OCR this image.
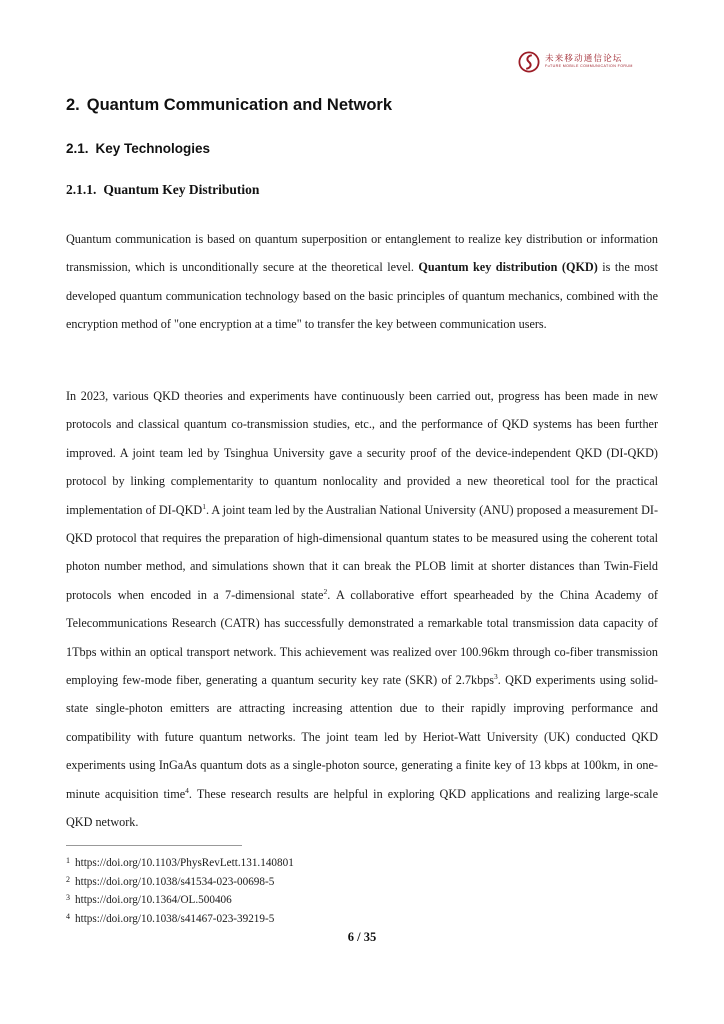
未来移动通信论坛
FuTURE MOBILE COMMUNICATION FORUM
2. Quantum Communication and Network
2.1. Key Technologies
2.1.1. Quantum Key Distribution

Quantum communication is based on quantum superposition or entanglement to realize key distribution or information transmission, which is unconditionally secure at the theoretical level. Quantum key distribution (QKD) is the most developed quantum communication technology based on the basic principles of quantum mechanics, combined with the encryption method of "one encryption at a time" to transfer the key between communication users.

In 2023, various QKD theories and experiments have continuously been carried out, progress has been made in new protocols and classical quantum co-transmission studies, etc., and the performance of QKD systems has been further improved. A joint team led by Tsinghua University gave a security proof of the device-independent QKD (DI-QKD) protocol by linking complementarity to quantum nonlocality and provided a new theoretical tool for the practical implementation of DI-QKD$^1$. A joint team led by the Australian National University (ANU) proposed a measurement DI-QKD protocol that requires the preparation of high-dimensional quantum states to be measured using the coherent total photon number method, and simulations shown that it can break the PLOB limit at shorter distances than Twin-Field protocols when encoded in a 7-dimensional state$^2$. A collaborative effort spearheaded by the China Academy of Telecommunications Research (CATR) has successfully demonstrated a remarkable total transmission data capacity of 1Tbps within an optical transport network. This achievement was realized over 100.96km through co-fiber transmission employing few-mode fiber, generating a quantum security key rate (SKR) of 2.7kbps$^3$. QKD experiments using solid-state single-photon emitters are attracting increasing attention due to their rapidly improving performance and compatibility with future quantum networks. The joint team led by Heriot-Watt University (UK) conducted QKD experiments using InGaAs quantum dots as a single-photon source, generating a finite key of 13 kbps at 100km, in one-minute acquisition time$^4$. These research results are helpful in exploring QKD applications and realizing large-scale QKD network.

1 https://doi.org/10.1103/PhysRevLett.131.140801
2 https://doi.org/10.1038/s41534-023-00698-5
3 https://doi.org/10.1364/OL.500406
4 https://doi.org/10.1038/s41467-023-39219-5
6 / 35
